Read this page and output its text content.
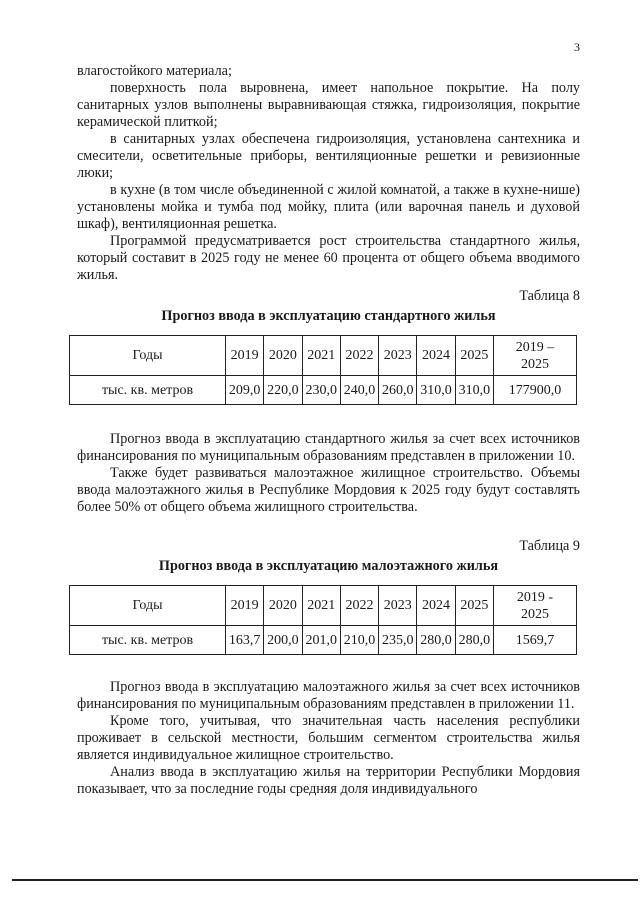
3

влагостойкого материала;

поверхность пола выровнена, имеет напольное покрытие. На полу санитарных узлов выполнены выравнивающая стяжка, гидроизоляция, покрытие керамической плиткой;

в санитарных узлах обеспечена гидроизоляция, установлена сантехника и смесители, осветительные приборы, вентиляционные решетки и ревизионные люки;

в кухне (в том числе объединенной с жилой комнатой, а также в кухне-нише) установлены мойка и тумба под мойку, плита (или варочная панель и духовой шкаф), вентиляционная решетка.

Программой предусматривается рост строительства стандартного жилья, который составит в 2025 году не менее 60 процента от общего объема вводимого жилья.

Таблица 8
Прогноз ввода в эксплуатацию стандартного жилья
Годы	2019	2020	2021	2022	2023	2024	2025	2019 –
2025
тыс. кв. метров	209,0	220,0	230,0	240,0	260,0	310,0	310,0	177900,0

Прогноз ввода в эксплуатацию стандартного жилья за счет всех источников финансирования по муниципальным образованиям представлен в приложении 10.

Также будет развиваться малоэтажное жилищное строительство. Объемы ввода малоэтажного жилья в Республике Мордовия к 2025 году будут составлять более 50% от общего объема жилищного строительства.

Таблица 9
Прогноз ввода в эксплуатацию малоэтажного жилья
Годы	2019	2020	2021	2022	2023	2024	2025	2019 -
2025
тыс. кв. метров	163,7	200,0	201,0	210,0	235,0	280,0	280,0	1569,7

Прогноз ввода в эксплуатацию малоэтажного жилья за счет всех источников финансирования по муниципальным образованиям представлен в приложении 11.

Кроме того, учитывая, что значительная часть населения республики проживает в сельской местности, большим сегментом строительства жилья является индивидуальное жилищное строительство.

Анализ ввода в эксплуатацию жилья на территории Республики Мордовия показывает, что за последние годы средняя доля индивидуального
